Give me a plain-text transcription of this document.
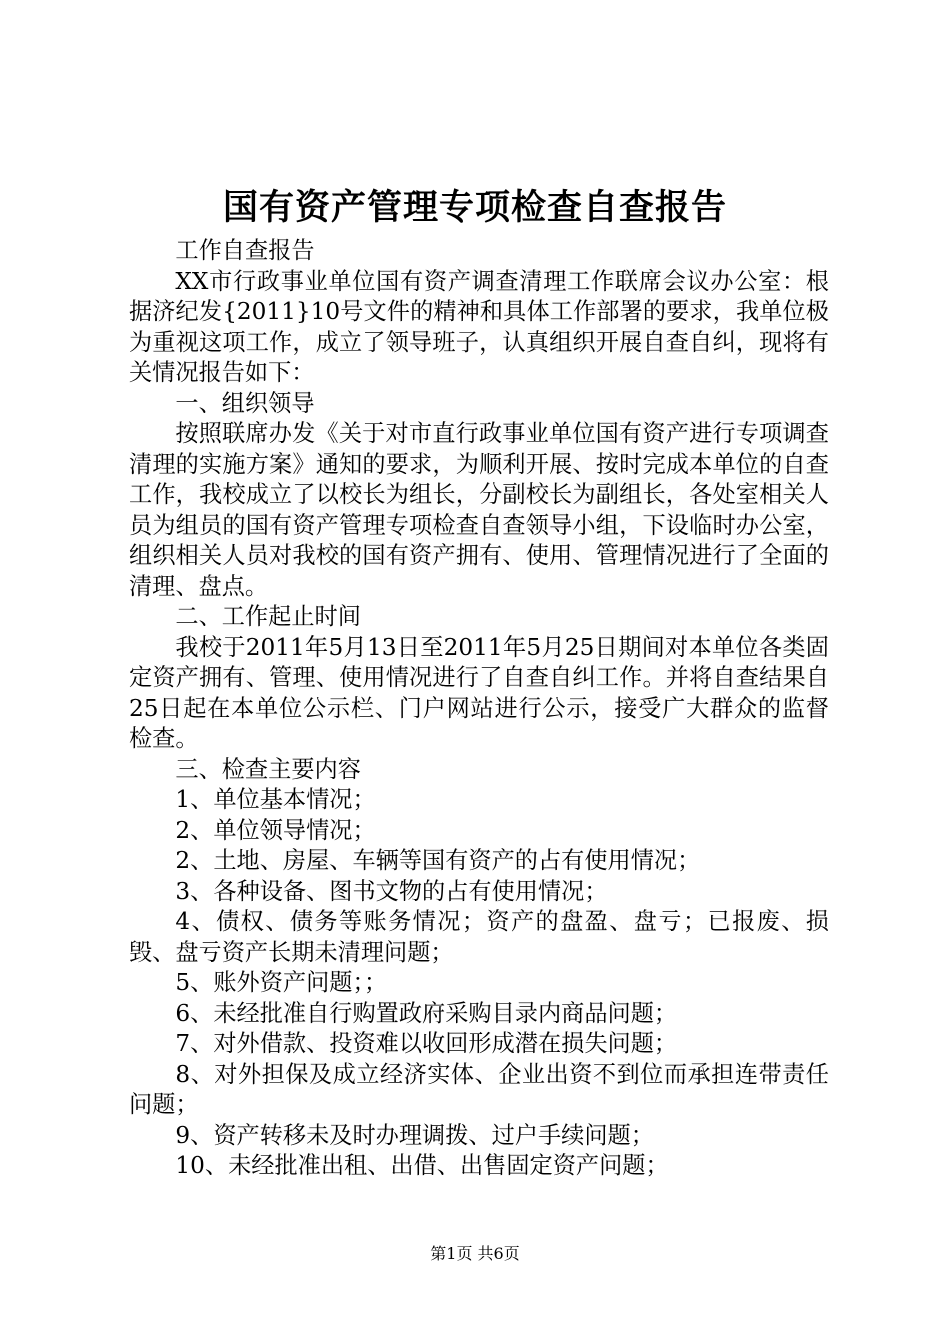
国有资产管理专项检查自查报告

工作自查报告

XX市行政事业单位国有资产调查清理工作联席会议办公室：根据济纪发{2011}10号文件的精神和具体工作部署的要求，我单位极为重视这项工作，成立了领导班子，认真组织开展自查自纠，现将有关情况报告如下：

一、组织领导

按照联席办发《关于对市直行政事业单位国有资产进行专项调查清理的实施方案》通知的要求，为顺利开展、按时完成本单位的自查工作，我校成立了以校长为组长，分副校长为副组长，各处室相关人员为组员的国有资产管理专项检查自查领导小组，下设临时办公室，组织相关人员对我校的国有资产拥有、使用、管理情况进行了全面的清理、盘点。

二、工作起止时间

我校于2011年5月13日至2011年5月25日期间对本单位各类固定资产拥有、管理、使用情况进行了自查自纠工作。并将自查结果自25日起在本单位公示栏、门户网站进行公示，接受广大群众的监督检查。

三、检查主要内容

1、单位基本情况；

2、单位领导情况；

2、土地、房屋、车辆等国有资产的占有使用情况；

3、各种设备、图书文物的占有使用情况；

4、债权、债务等账务情况；资产的盘盈、盘亏；已报废、损毁、盘亏资产长期未清理问题；

5、账外资产问题；；

6、未经批准自行购置政府采购目录内商品问题；

7、对外借款、投资难以收回形成潜在损失问题；

8、对外担保及成立经济实体、企业出资不到位而承担连带责任问题；

9、资产转移未及时办理调拨、过户手续问题；

10、未经批准出租、出借、出售固定资产问题；

第1页 共6页
